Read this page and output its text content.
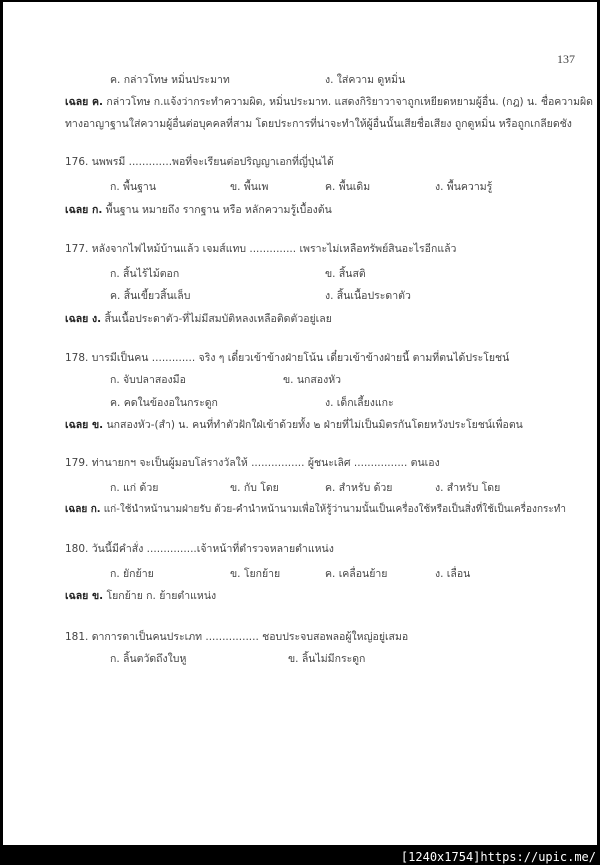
137
ค. กล่าวโทษ หมิ่นประมาท	ง. ใส่ความ ดูหมิ่น
เฉลย ค. กล่าวโทษ ก.แจ้งว่ากระทำความผิด, หมิ่นประมาท. แสดงกิริยาวาจาถูกเหยียดหยามผู้อื่น. (กฎ) น. ชื่อความผิด
ทางอาญาฐานใส่ความผู้อื่นต่อบุคคลที่สาม โดยประการที่น่าจะทำให้ผู้อื่นนั้นเสียชื่อเสียง ถูกดูหมิ่น หรือถูกเกลียดชัง
176. นพพรมี .............พอที่จะเรียนต่อปริญญาเอกที่ญี่ปุ่นได้
ก. พื้นฐาน	ข. พื้นเพ	ค. พื้นเดิม	ง. พื้นความรู้
เฉลย ก. พื้นฐาน หมายถึง รากฐาน หรือ หลักความรู้เบื้องต้น
177. หลังจากไฟไหม้บ้านแล้ว เจมส์แทบ .............. เพราะไม่เหลือทรัพย์สินอะไรอีกแล้ว
ก. สิ้นไร้ไม้ตอก	ข. สิ้นสติ
ค. สิ้นเขี้ยวสิ้นเล็บ	ง. สิ้นเนื้อประดาตัว
เฉลย ง. สิ้นเนื้อประดาตัว-ที่ไม่มีสมบัติหลงเหลือติดตัวอยู่เลย
178. บารมีเป็นคน ............. จริง ๆ เดี๋ยวเข้าข้างฝ่ายโน้น เดี๋ยวเข้าข้างฝ่ายนี้ ตามที่ตนได้ประโยชน์
ก. จับปลาสองมือ	ข. นกสองหัว
ค. คดในข้องอในกระดูก	ง. เด็กเลี้ยงแกะ
เฉลย ข. นกสองหัว-(สำ) น. คนที่ทำตัวฝักใฝ่เข้าด้วยทั้ง ๒ ฝ่ายที่ไม่เป็นมิตรกันโดยหวังประโยชน์เพื่อตน
179. ท่านายกฯ จะเป็นผู้มอบโล่รางวัลให้ ................ ผู้ชนะเลิศ ................ ตนเอง
ก. แก่ ด้วย	ข. กับ โดย	ค. สำหรับ ด้วย	ง. สำหรับ โดย
เฉลย ก. แก่-ใช้นำหน้านามฝ่ายรับ ด้วย-คำนำหน้านามเพื่อให้รู้ว่านามนั้นเป็นเครื่องใช้หรือเป็นสิ่งที่ใช้เป็นเครื่องกระทำ
180. วันนี้มีคำสั่ง ...............เจ้าหน้าที่ตำรวจหลายตำแหน่ง
ก. ยักย้าย	ข. โยกย้าย	ค. เคลื่อนย้าย	ง. เลื่อน
เฉลย ข. โยกย้าย ก. ย้ายตำแหน่ง
181. ดาการดาเป็นคนประเภท ................ ชอบประจบสอพลอผู้ใหญ่อยู่เสมอ
ก. ลิ้นตวัดถึงใบหู	ข. ลิ้นไม่มีกระดูก
[1240x1754]https://upic.me/
